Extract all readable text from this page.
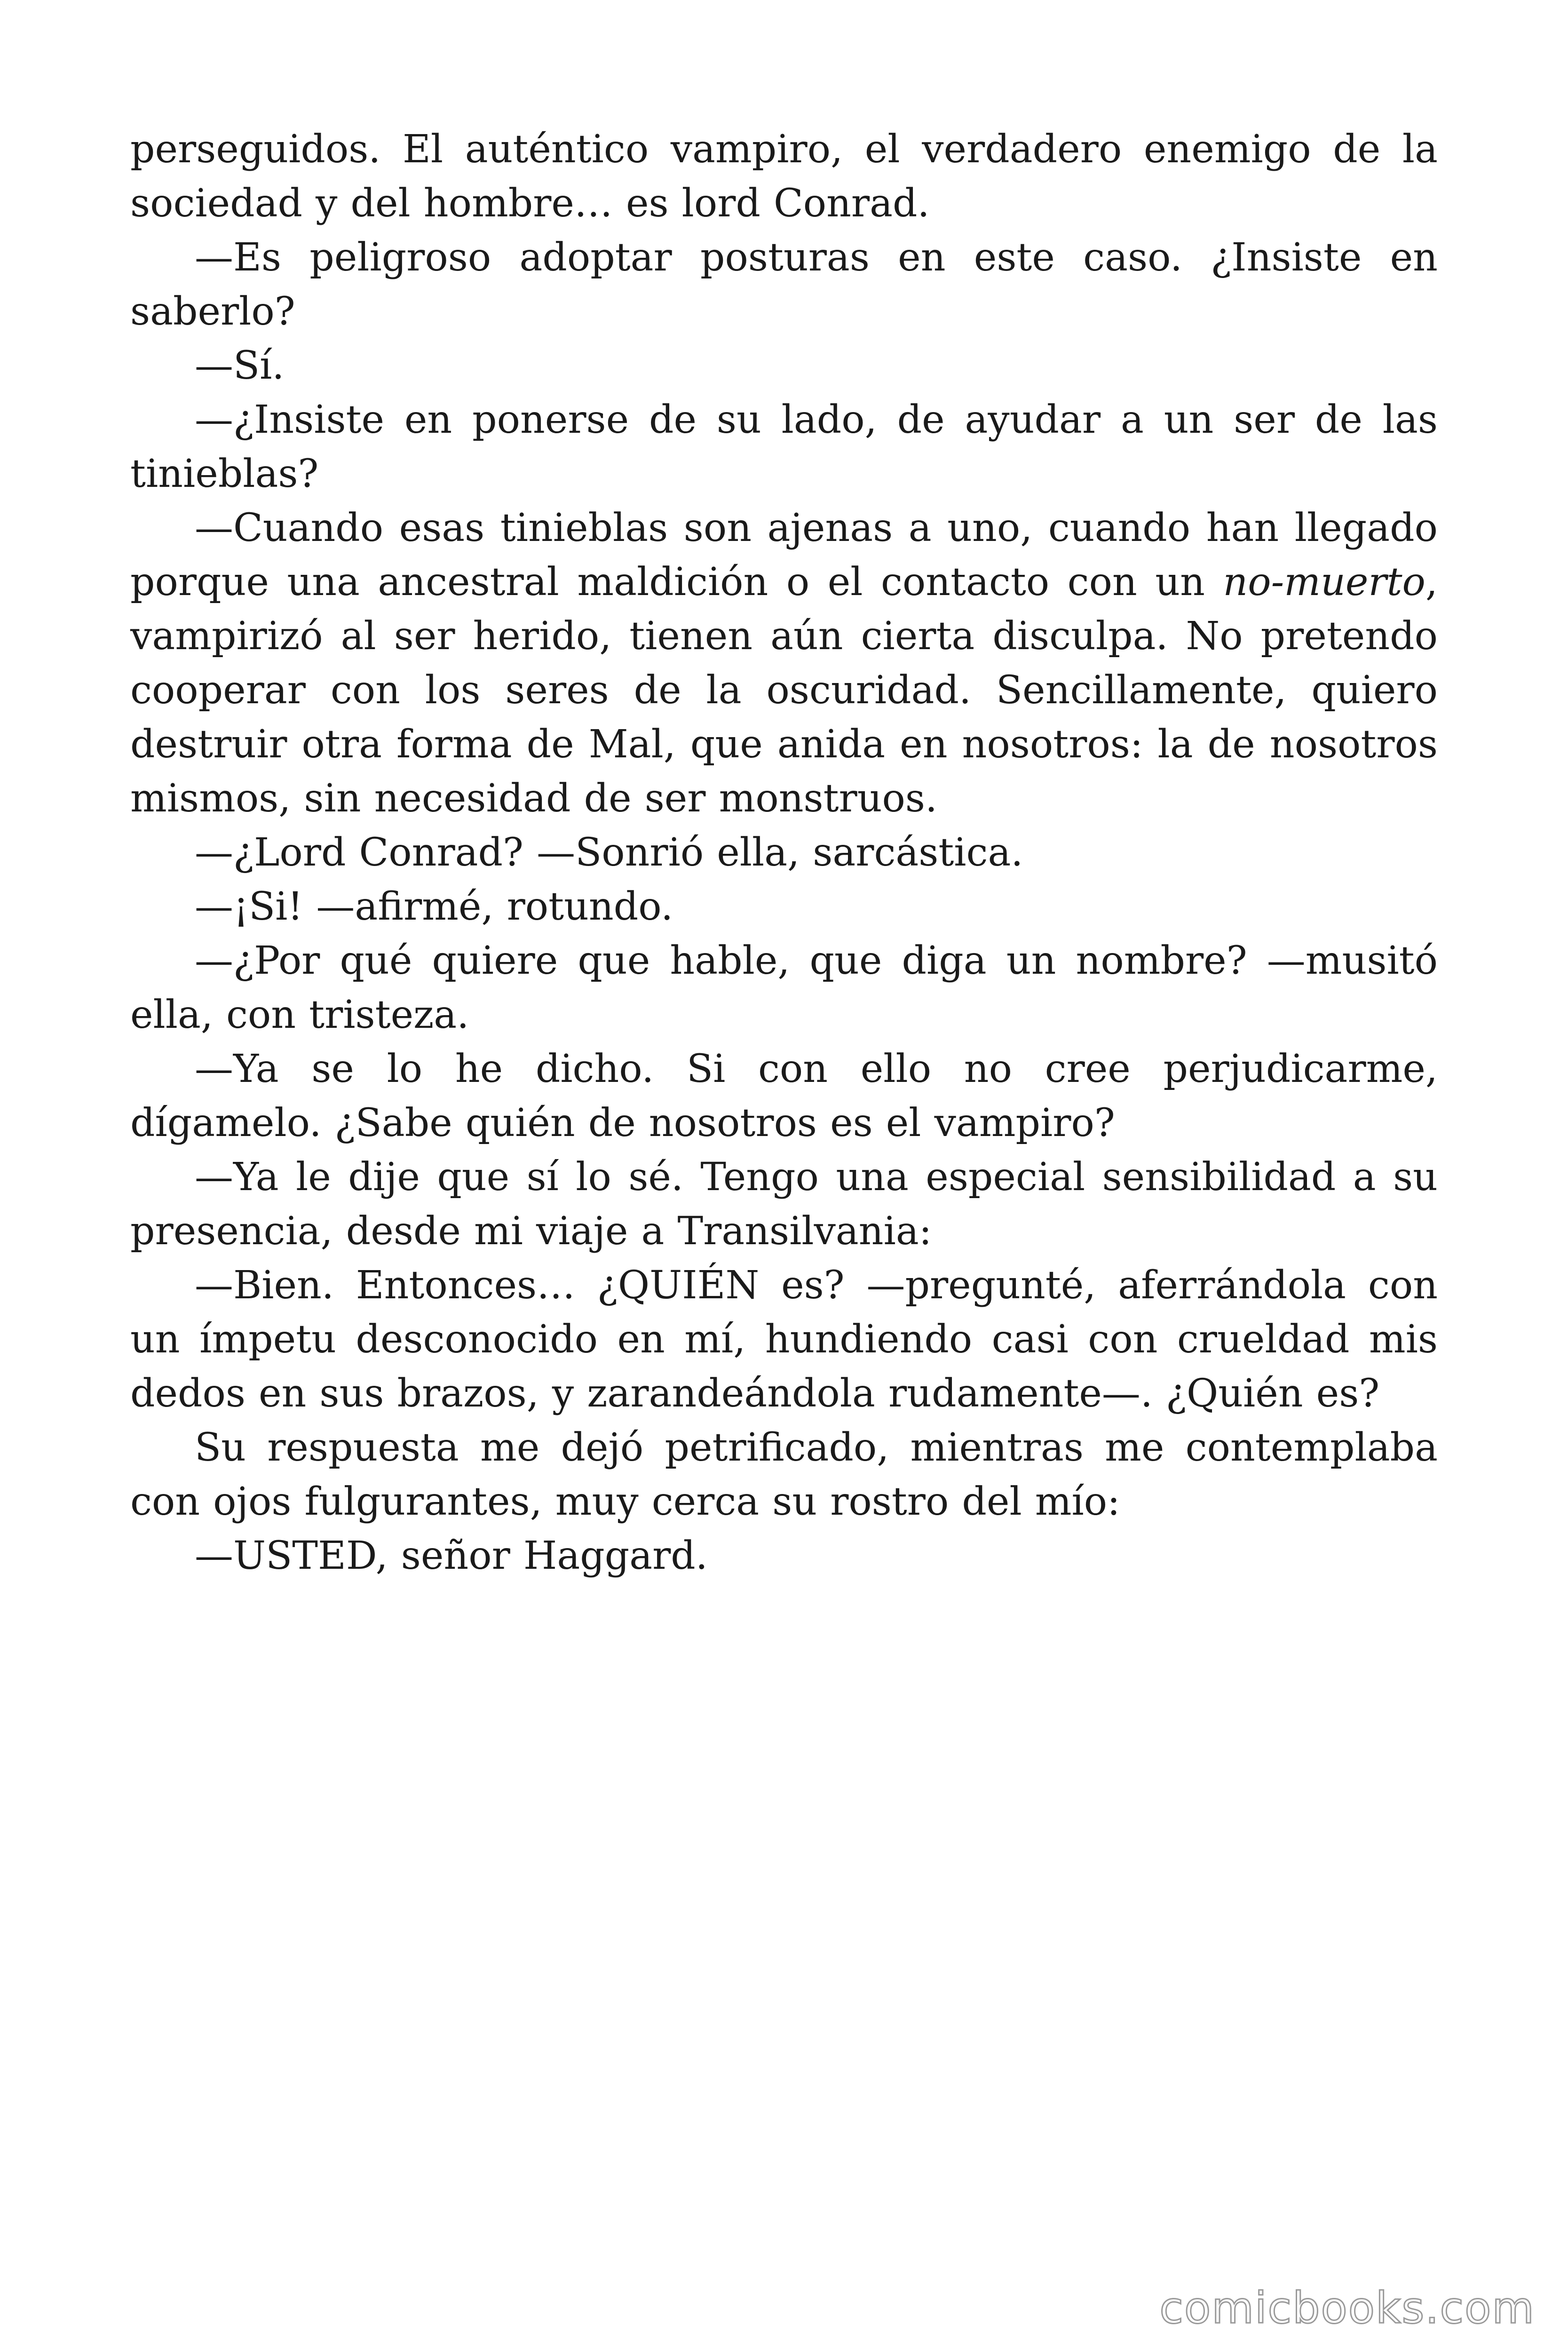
perseguidos. El auténtico vampiro, el verdadero enemigo de la sociedad y del hombre… es lord Conrad.

—Es peligroso adoptar posturas en este caso. ¿Insiste en saberlo?

—Sí.

—¿Insiste en ponerse de su lado, de ayudar a un ser de las tinieblas?

—Cuando esas tinieblas son ajenas a uno, cuando han llegado porque una ancestral maldición o el contacto con un no-muerto, vampirizó al ser herido, tienen aún cierta disculpa. No pretendo cooperar con los seres de la oscuridad. Sencillamente, quiero destruir otra forma de Mal, que anida en nosotros: la de nosotros mismos, sin necesidad de ser monstruos.

—¿Lord Conrad? —Sonrió ella, sarcástica.

—¡Si! —afirmé, rotundo.

—¿Por qué quiere que hable, que diga un nombre? —musitó ella, con tristeza.

—Ya se lo he dicho. Si con ello no cree perjudicarme, dígamelo. ¿Sabe quién de nosotros es el vampiro?

—Ya le dije que sí lo sé. Tengo una especial sensibilidad a su presencia, desde mi viaje a Transilvania:

—Bien. Entonces… ¿QUIÉN es? —pregunté, aferrándola con un ímpetu desconocido en mí, hundiendo casi con crueldad mis dedos en sus brazos, y zarandeándola rudamente—. ¿Quién es?

Su respuesta me dejó petrificado, mientras me contemplaba con ojos fulgurantes, muy cerca su rostro del mío:

—USTED, señor Haggard.

comicbooks.com
